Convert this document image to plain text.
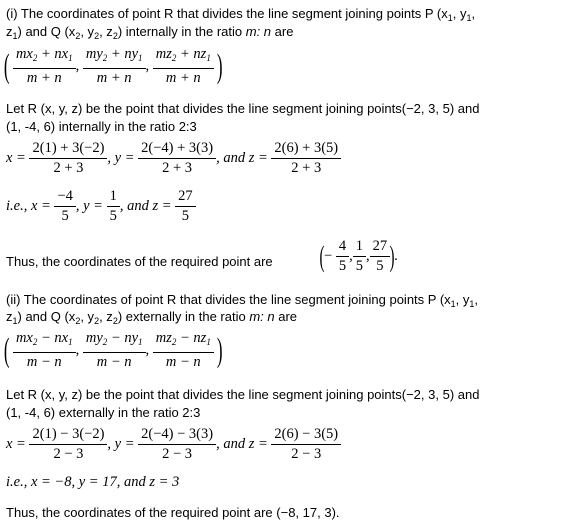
(i) The coordinates of point R that divides the line segment joining points P ($x_1$, $y_1$,
$z_1$) and Q ($x_2$, $y_2$, $z_2$) internally in the ratio m: n are
( $\frac{mx_2 + nx_1}{m + n}$ , $\frac{my_2 + ny_1}{m + n}$ , $\frac{mz_2 + nz_1}{m + n}$ )
Let R (x, y, z) be the point that divides the line segment joining points(−2, 3, 5) and
(1, -4, 6) internally in the ratio 2:3
$x = \frac{2(1) + 3(-2)}{2 + 3}$ , $y = \frac{2(-4) + 3(3)}{2 + 3}$ , and $z = \frac{2(6) + 3(5)}{2 + 3}$
i.e., $x = \frac{-4}{5}$ , $y = \frac{1}{5}$ , and $z = \frac{27}{5}$
Thus, the coordinates of the required point are (− $\frac{4}{5}$ , $\frac{1}{5}$ , $\frac{27}{5}$ ).
(ii) The coordinates of point R that divides the line segment joining points P ($x_1$, $y_1$,
$z_1$) and Q ($x_2$, $y_2$, $z_2$) externally in the ratio m: n are
( $\frac{mx_2 - nx_1}{m - n}$ , $\frac{my_2 - ny_1}{m - n}$ , $\frac{mz_2 - nz_1}{m - n}$ )
Let R (x, y, z) be the point that divides the line segment joining points(−2, 3, 5) and
(1, -4, 6) externally in the ratio 2:3
$x = \frac{2(1) - 3(-2)}{2 - 3}$ , $y = \frac{2(-4) - 3(3)}{2 - 3}$ , and $z = \frac{2(6) - 3(5)}{2 - 3}$
i.e., x = −8, y = 17, and z = 3
Thus, the coordinates of the required point are (−8, 17, 3).
